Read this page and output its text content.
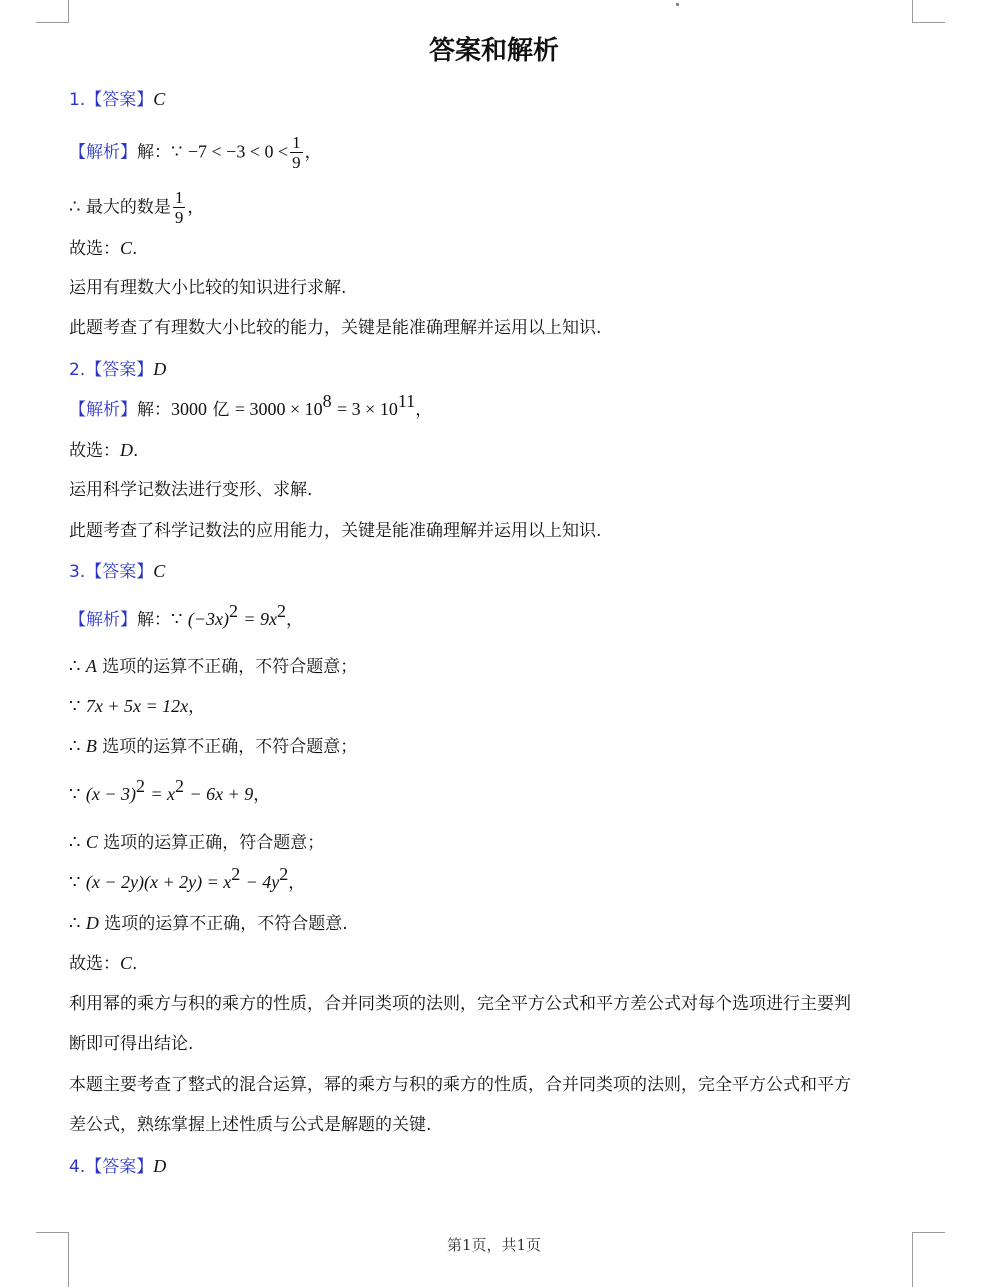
答案和解析
1.【答案】C
【解析】解：∵ $-7 < -3 < 0 < \frac{1}{9}$ ，
∴ 最大的数是 $\frac{1}{9}$ ，
故选：C.
运用有理数大小比较的知识进行求解.
此题考查了有理数大小比较的能力，关键是能准确理解并运用以上知识.
2.【答案】D
【解析】解：3000 亿 = $3000 \times 10^8 = 3 \times 10^{11}$，
故选：D.
运用科学记数法进行变形、求解.
此题考查了科学记数法的应用能力，关键是能准确理解并运用以上知识.
3.【答案】C
【解析】解：∵ $(-3x)^2 = 9x^2$，
∴ A 选项的运算不正确，不符合题意；
∵ 7x + 5x = 12x，
∴ B 选项的运算不正确，不符合题意；
∵ $(x - 3)^2 = x^2 - 6x + 9$，
∴ C 选项的运算正确，符合题意；
∵ $(x - 2y)(x + 2y) = x^2 - 4y^2$，
∴ D 选项的运算不正确，不符合题意.
故选：C.
利用幂的乘方与积的乘方的性质，合并同类项的法则，完全平方公式和平方差公式对每个选项进行主要判
断即可得出结论.
本题主要考查了整式的混合运算，幂的乘方与积的乘方的性质，合并同类项的法则，完全平方公式和平方
差公式，熟练掌握上述性质与公式是解题的关键.
4.【答案】D
第1页，共1页
